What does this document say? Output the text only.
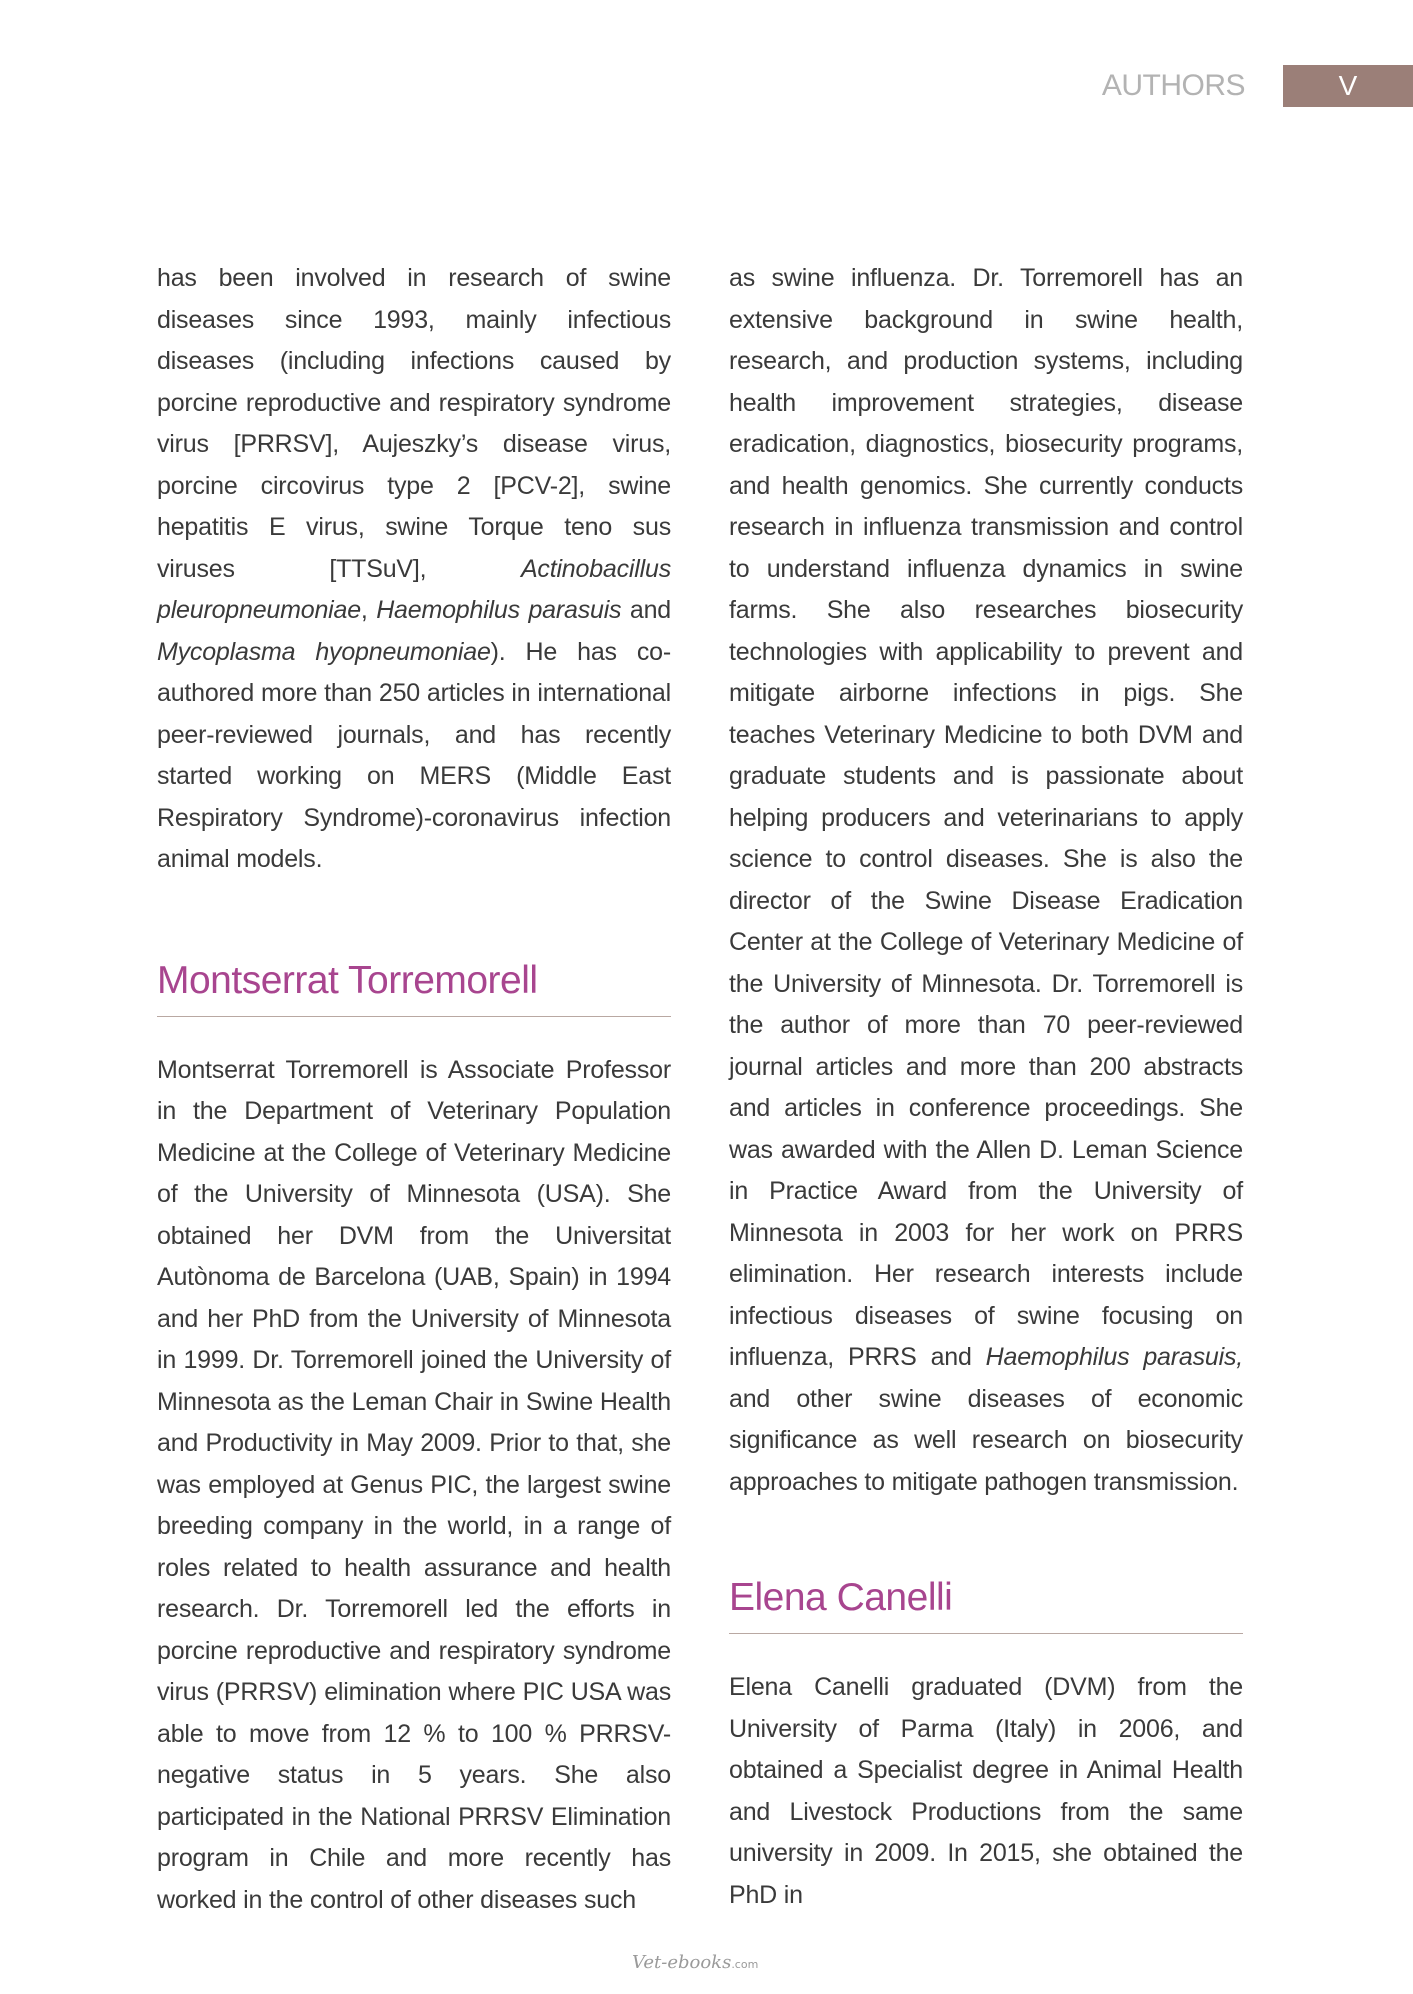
AUTHORS	V

has been involved in research of swine diseases since 1993, mainly infectious diseases (including infections caused by porcine reproductive and respiratory syndrome virus [PRRSV], Aujeszky’s disease virus, porcine circovirus type 2 [PCV-2], swine hepatitis E virus, swine Torque teno sus viruses [TTSuV], Actinobacillus pleuropneumoniae, Haemophilus parasuis and Mycoplasma hyopneumoniae). He has co-authored more than 250 articles in international peer-reviewed journals, and has recently started working on MERS (Middle East Respiratory Syndrome)-coronavirus infection animal models.

Montserrat Torremorell

Montserrat Torremorell is Associate Professor in the Department of Veterinary Population Medicine at the College of Veterinary Medicine of the University of Minnesota (USA). She obtained her DVM from the Universitat Autònoma de Barcelona (UAB, Spain) in 1994 and her PhD from the University of Minnesota in 1999. Dr. Torremorell joined the University of Minnesota as the Leman Chair in Swine Health and Productivity in May 2009. Prior to that, she was employed at Genus PIC, the largest swine breeding company in the world, in a range of roles related to health assurance and health research. Dr. Torremorell led the efforts in porcine reproductive and respiratory syndrome virus (PRRSV) elimination where PIC USA was able to move from 12 % to 100 % PRRSV-negative status in 5 years. She also participated in the National PRRSV Elimination program in Chile and more recently has worked in the control of other diseases such

as swine influenza. Dr. Torremorell has an extensive background in swine health, research, and production systems, including health improvement strategies, disease eradication, diagnostics, biosecurity programs, and health genomics. She currently conducts research in influenza transmission and control to understand influenza dynamics in swine farms. She also researches biosecurity technologies with applicability to prevent and mitigate airborne infections in pigs. She teaches Veterinary Medicine to both DVM and graduate students and is passionate about helping producers and veterinarians to apply science to control diseases. She is also the director of the Swine Disease Eradication Center at the College of Veterinary Medicine of the University of Minnesota. Dr. Torremorell is the author of more than 70 peer-reviewed journal articles and more than 200 abstracts and articles in conference proceedings. She was awarded with the Allen D. Leman Science in Practice Award from the University of Minnesota in 2003 for her work on PRRS elimination. Her research interests include infectious diseases of swine focusing on influenza, PRRS and Haemophilus parasuis, and other swine diseases of economic significance as well research on biosecurity approaches to mitigate pathogen transmission.

Elena Canelli

Elena Canelli graduated (DVM) from the University of Parma (Italy) in 2006, and obtained a Specialist degree in Animal Health and Livestock Productions from the same university in 2009. In 2015, she obtained the PhD in

Vet-ebooks.com
